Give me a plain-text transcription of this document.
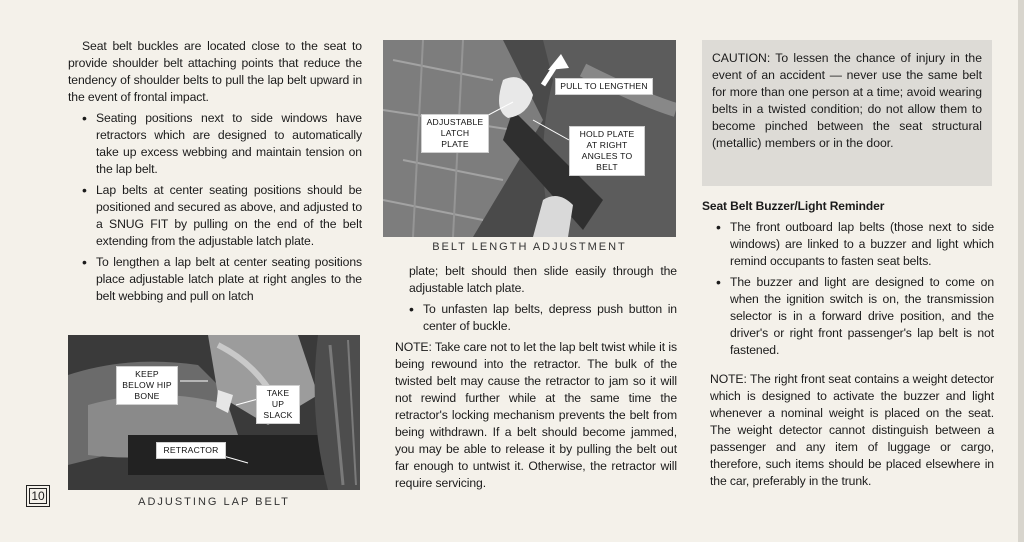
Seat belt buckles are located close to the seat to provide shoulder belt attaching points that reduce the tendency of shoulder belts to pull the lap belt upward in the event of frontal impact.

• Seating positions next to side windows have retractors which are designed to automatically take up excess webbing and maintain tension on the lap belt.
• Lap belts at center seating positions should be positioned and secured as above, and adjusted to a SNUG FIT by pulling on the end of the belt extending from the adjustable latch plate.
• To lengthen a lap belt at center seating positions place adjustable latch plate at right angles to the belt webbing and pull on latch
KEEP BELOW HIP BONE	TAKE UP SLACK
RETRACTOR
ADJUSTING LAP BELT
PULL TO LENGTHEN
ADJUSTABLE LATCH PLATE
HOLD PLATE AT RIGHT ANGLES TO BELT
BELT LENGTH ADJUSTMENT

plate; belt should then slide easily through the adjustable latch plate.

• To unfasten lap belts, depress push button in center of buckle.

NOTE: Take care not to let the lap belt twist while it is being rewound into the retractor. The bulk of the twisted belt may cause the retractor to jam so it will not rewind further while at the same time the retractor's locking mechanism prevents the belt from being withdrawn. If a belt should become jammed, you may be able to release it by pulling the belt out far enough to untwist it. Otherwise, the retractor will require servicing.

CAUTION: To lessen the chance of injury in the event of an accident — never use the same belt for more than one person at a time; avoid wearing belts in a twisted condition; do not allow them to become pinched between the seat structural (metallic) members or in the door.

Seat Belt Buzzer/Light Reminder

• The front outboard lap belts (those next to side windows) are linked to a buzzer and light which remind occupants to fasten seat belts.
• The buzzer and light are designed to come on when the ignition switch is on, the transmission selector is in a forward drive position, and the driver's or right front passenger's lap belt is not fastened.

NOTE: The right front seat contains a weight detector which is designed to activate the buzzer and light whenever a nominal weight is placed on the seat. The weight detector cannot distinguish between a passenger and any item of luggage or cargo, therefore, such items should be placed elsewhere in the car, preferably in the trunk.

10
